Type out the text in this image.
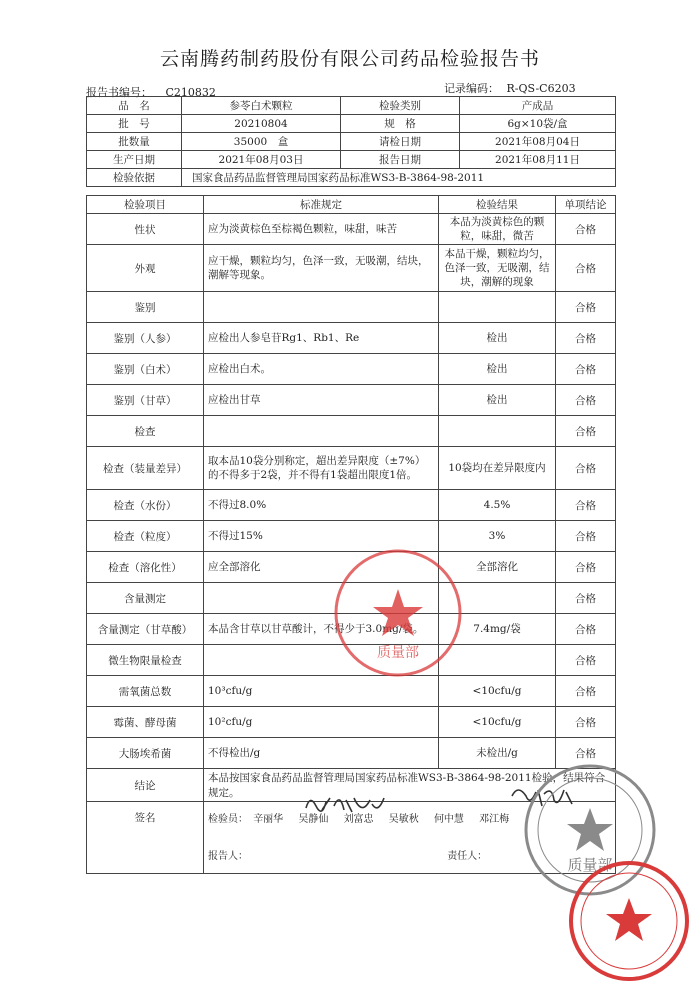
云南腾药制药股份有限公司药品检验报告书
报告书编号： C210832	记录编码： R-QS-C6203
品　名	参苓白术颗粒	检验类别	产成品
批　号	20210804	规　格	6g×10袋/盒
批数量	35000　盒	请检日期	2021年08月04日
生产日期	2021年08月03日	报告日期	2021年08月11日
检验依据	国家食品药品监督管理局国家药品标准WS3-B-3864-98-2011		
检验项目	标准规定	检验结果	单项结论
性状	应为淡黄棕色至棕褐色颗粒，味甜，味苦	本品为淡黄棕色的颗粒，味甜，微苦	合格
外观	应干燥，颗粒均匀，色泽一致，无吸潮，结块，潮解等现象。	本品干燥，颗粒均匀，色泽一致，无吸潮，结块，潮解的现象	合格
鉴别			合格
鉴别（人参）	应检出人参皂苷Rg1、Rb1、Re	检出	合格
鉴别（白术）	应检出白术。	检出	合格
鉴别（甘草）	应检出甘草	检出	合格
检查			合格
检查（装量差异）	取本品10袋分别称定，超出差异限度（±7%）的不得多于2袋，并不得有1袋超出限度1倍。	10袋均在差异限度内	合格
检查（水份）	不得过8.0%	4.5%	合格
检查（粒度）	不得过15%	3%	合格
检查（溶化性）	应全部溶化	全部溶化	合格
含量测定			合格
含量测定（甘草酸）	本品含甘草以甘草酸计，不得少于3.0mg/袋。	7.4mg/袋	合格
微生物限量检查			合格
需氧菌总数	10³cfu/g	<10cfu/g	合格
霉菌、酵母菌	10²cfu/g	<10cfu/g	合格
大肠埃希菌	不得检出/g	未检出/g	合格
结论	本品按国家食品药品监督管理局国家药品标准WS3-B-3864-98-2011检验，结果符合规定。		
签名	检验员： 辛丽华 吴静仙 刘富忠 吴敏秋 何中慧 邓江梅
报告人： 责任人：		
质量部
质量部
